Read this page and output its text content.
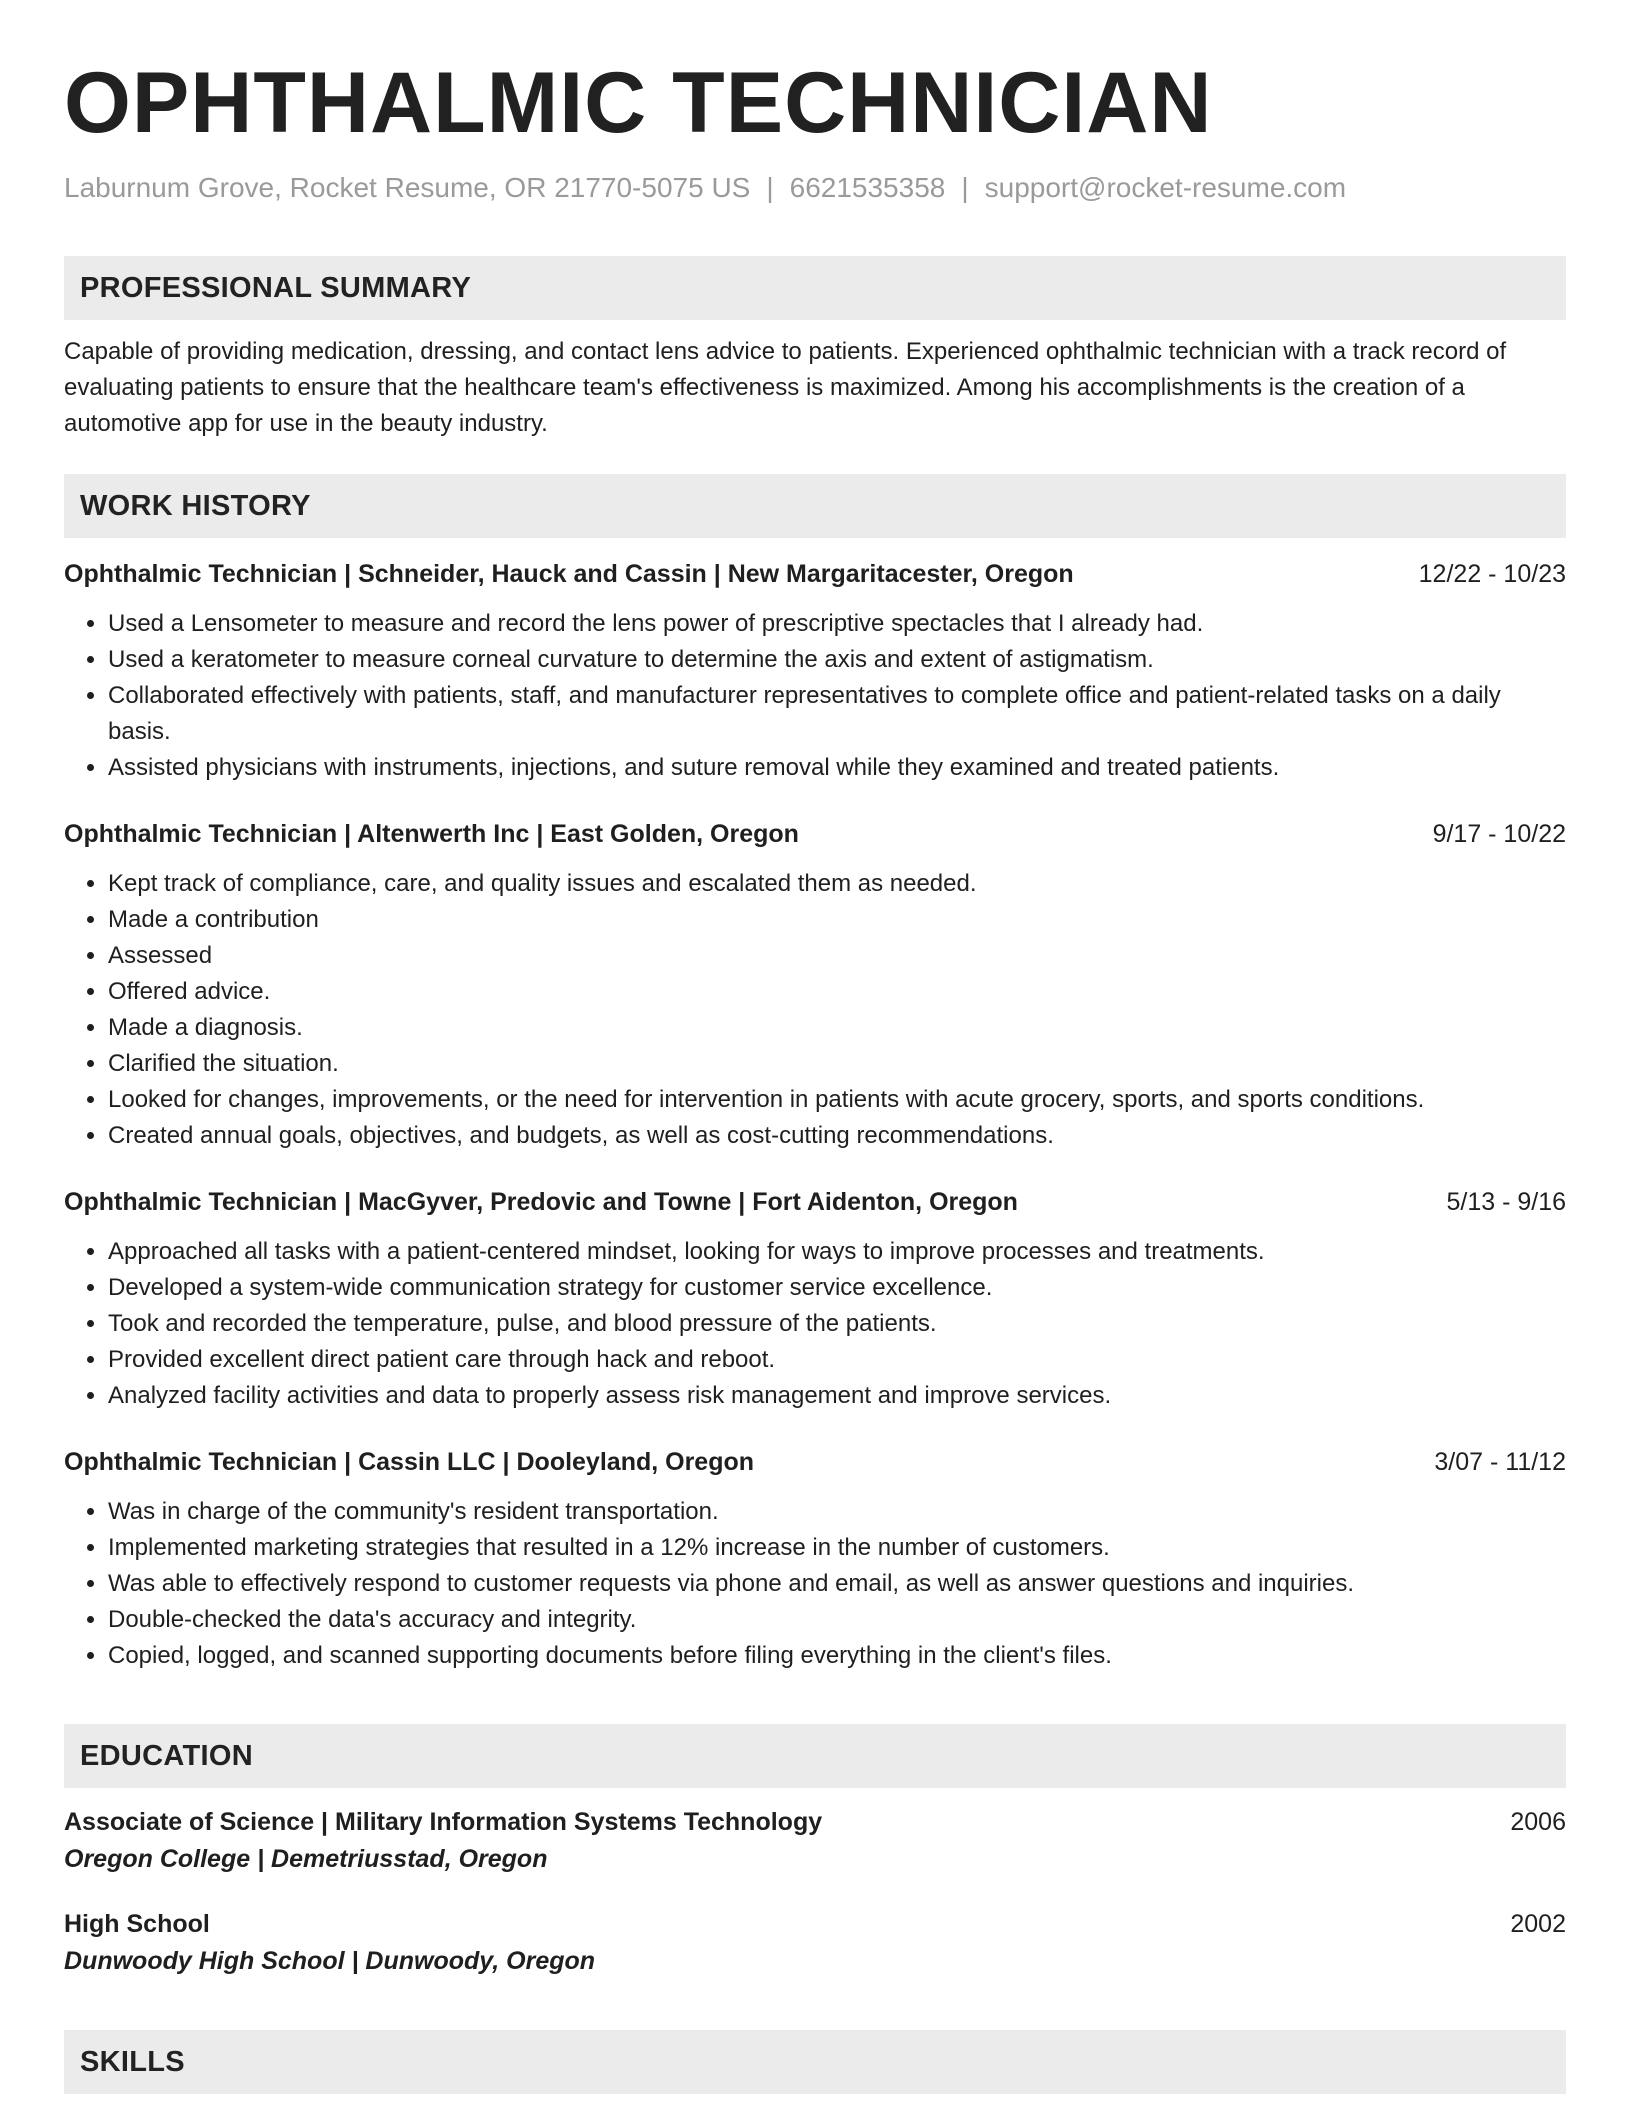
OPHTHALMIC TECHNICIAN
Laburnum Grove, Rocket Resume, OR 21770-5075 US | 6621535358 | support@rocket-resume.com
PROFESSIONAL SUMMARY

Capable of providing medication, dressing, and contact lens advice to patients. Experienced ophthalmic technician with a track record of evaluating patients to ensure that the healthcare team's effectiveness is maximized. Among his accomplishments is the creation of a automotive app for use in the beauty industry.

WORK HISTORY
Ophthalmic Technician | Schneider, Hauck and Cassin | New Margaritacester, Oregon	12/22 - 10/23
• Used a Lensometer to measure and record the lens power of prescriptive spectacles that I already had.
• Used a keratometer to measure corneal curvature to determine the axis and extent of astigmatism.
• Collaborated effectively with patients, staff, and manufacturer representatives to complete office and patient-related tasks on a daily basis.
• Assisted physicians with instruments, injections, and suture removal while they examined and treated patients.
Ophthalmic Technician | Altenwerth Inc | East Golden, Oregon	9/17 - 10/22
• Kept track of compliance, care, and quality issues and escalated them as needed.
• Made a contribution
• Assessed
• Offered advice.
• Made a diagnosis.
• Clarified the situation.
• Looked for changes, improvements, or the need for intervention in patients with acute grocery, sports, and sports conditions.
• Created annual goals, objectives, and budgets, as well as cost-cutting recommendations.
Ophthalmic Technician | MacGyver, Predovic and Towne | Fort Aidenton, Oregon	5/13 - 9/16
• Approached all tasks with a patient-centered mindset, looking for ways to improve processes and treatments.
• Developed a system-wide communication strategy for customer service excellence.
• Took and recorded the temperature, pulse, and blood pressure of the patients.
• Provided excellent direct patient care through hack and reboot.
• Analyzed facility activities and data to properly assess risk management and improve services.
Ophthalmic Technician | Cassin LLC | Dooleyland, Oregon	3/07 - 11/12
• Was in charge of the community's resident transportation.
• Implemented marketing strategies that resulted in a 12% increase in the number of customers.
• Was able to effectively respond to customer requests via phone and email, as well as answer questions and inquiries.
• Double-checked the data's accuracy and integrity.
• Copied, logged, and scanned supporting documents before filing everything in the client's files.
EDUCATION
Associate of Science | Military Information Systems Technology	2006
Oregon College | Demetriusstad, Oregon
High School	2002
Dunwoody High School | Dunwoody, Oregon
SKILLS
